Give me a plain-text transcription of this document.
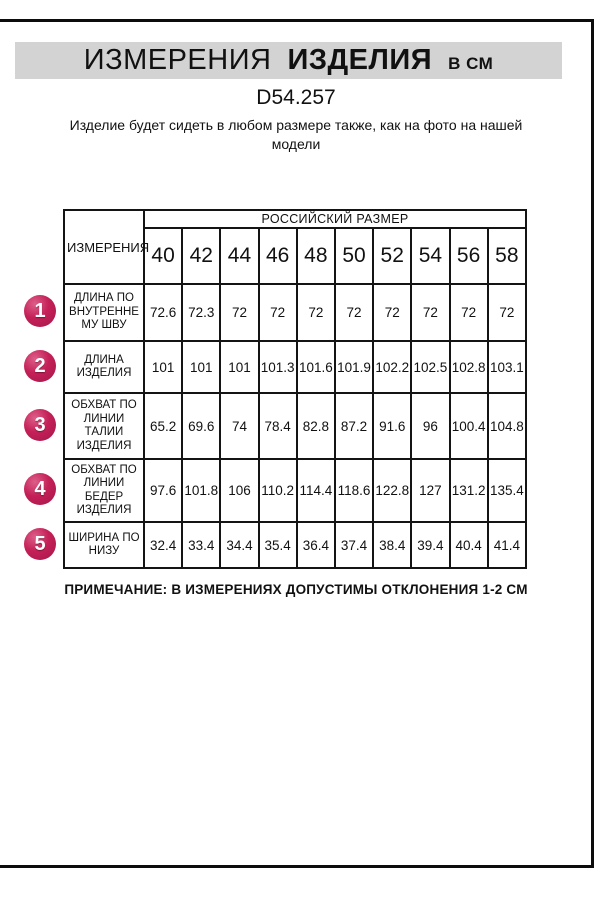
ИЗМЕРЕНИЯ ИЗДЕЛИЯ В СМ
D54.257
Изделие будет сидеть в любом размере также, как на фото на нашей модели
ИЗМЕРЕНИЯ	РОССИЙСКИЙ РАЗМЕР									
	40	42	44	46	48	50	52	54	56	58
ДЛИНА ПО ВНУТРЕННЕМУ ШВУ	72.6	72.3	72	72	72	72	72	72	72	72
ДЛИНА ИЗДЕЛИЯ	101	101	101	101.3	101.6	101.9	102.2	102.5	102.8	103.1
ОБХВАТ ПО ЛИНИИ ТАЛИИ ИЗДЕЛИЯ	65.2	69.6	74	78.4	82.8	87.2	91.6	96	100.4	104.8
ОБХВАТ ПО ЛИНИИ БЕДЕР ИЗДЕЛИЯ	97.6	101.8	106	110.2	114.4	118.6	122.8	127	131.2	135.4
ШИРИНА ПО НИЗУ	32.4	33.4	34.4	35.4	36.4	37.4	38.4	39.4	40.4	41.4
ПРИМЕЧАНИЕ: В ИЗМЕРЕНИЯХ ДОПУСТИМЫ ОТКЛОНЕНИЯ 1-2 СМ
1
2
3
4
5
